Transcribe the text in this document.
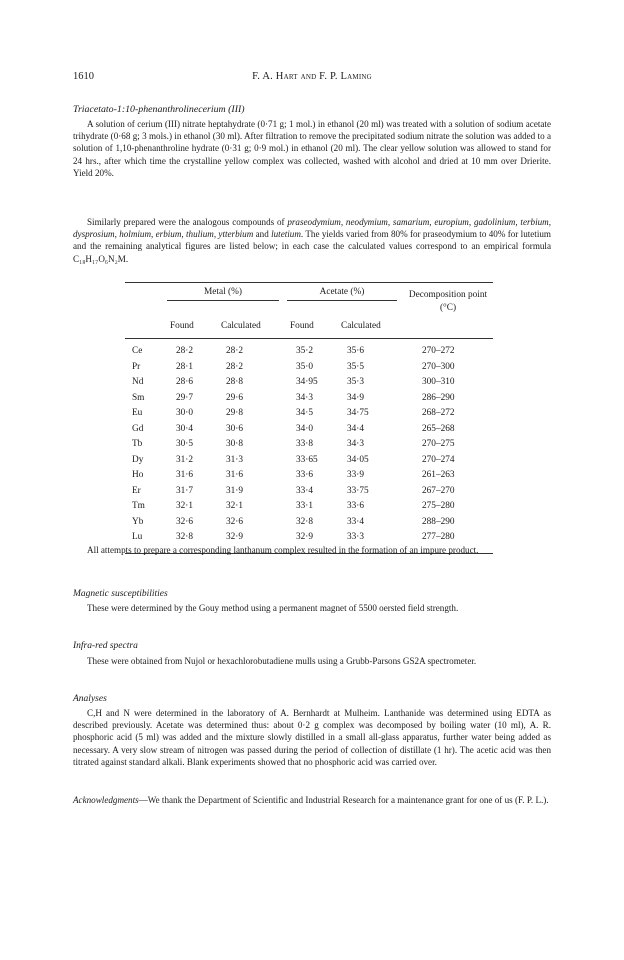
1610	F. A. Hart and F. P. Laming
Triacetato-1:10-phenanthrolinecerium (III)

A solution of cerium (III) nitrate heptahydrate (0·71 g; 1 mol.) in ethanol (20 ml) was treated with a solution of sodium acetate trihydrate (0·68 g; 3 mols.) in ethanol (30 ml). After filtration to remove the precipitated sodium nitrate the solution was added to a solution of 1,10-phenanthroline hydrate (0·31 g; 0·9 mol.) in ethanol (20 ml). The clear yellow solution was allowed to stand for 24 hrs., after which time the crystalline yellow complex was collected, washed with alcohol and dried at 10 mm over Drierite. Yield 20%.

Similarly prepared were the analogous compounds of praseodymium, neodymium, samarium, europium, gadolinium, terbium, dysprosium, holmium, erbium, thulium, ytterbium and lutetium. The yields varied from 80% for praseodymium to 40% for lutetium and the remaining analytical figures are listed below; in each case the calculated values correspond to an empirical formula C₁₈H₁₇O₆N₂M.

Metal (%)	Acetate (%)	Decomposition point (°C)
Found	Calculated	Found	Calculated
Ce	28·2	28·2	35·2	35·6	270–272
Pr	28·1	28·2	35·0	35·5	270–300
Nd	28·6	28·8	34·95	35·3	300–310
Sm	29·7	29·6	34·3	34·9	286–290
Eu	30·0	29·8	34·5	34·75	268–272
Gd	30·4	30·6	34·0	34·4	265–268
Tb	30·5	30·8	33·8	34·3	270–275
Dy	31·2	31·3	33·65	34·05	270–274
Ho	31·6	31·6	33·6	33·9	261–263
Er	31·7	31·9	33·4	33·75	267–270
Tm	32·1	32·1	33·1	33·6	275–280
Yb	32·6	32·6	32·8	33·4	288–290
Lu	32·8	32·9	32·9	33·3	277–280

All attempts to prepare a corresponding lanthanum complex resulted in the formation of an impure product.

Magnetic susceptibilities

These were determined by the Gouy method using a permanent magnet of 5500 oersted field strength.

Infra-red spectra

These were obtained from Nujol or hexachlorobutadiene mulls using a Grubb-Parsons GS2A spectrometer.

Analyses

C,H and N were determined in the laboratory of A. Bernhardt at Mulheim. Lanthanide was determined using EDTA as described previously. Acetate was determined thus: about 0·2 g complex was decomposed by boiling water (10 ml), A. R. phosphoric acid (5 ml) was added and the mixture slowly distilled in a small all-glass apparatus, further water being added as necessary. A very slow stream of nitrogen was passed during the period of collection of distillate (1 hr). The acetic acid was then titrated against standard alkali. Blank experiments showed that no phosphoric acid was carried over.

Acknowledgments—We thank the Department of Scientific and Industrial Research for a maintenance grant for one of us (F. P. L.).
